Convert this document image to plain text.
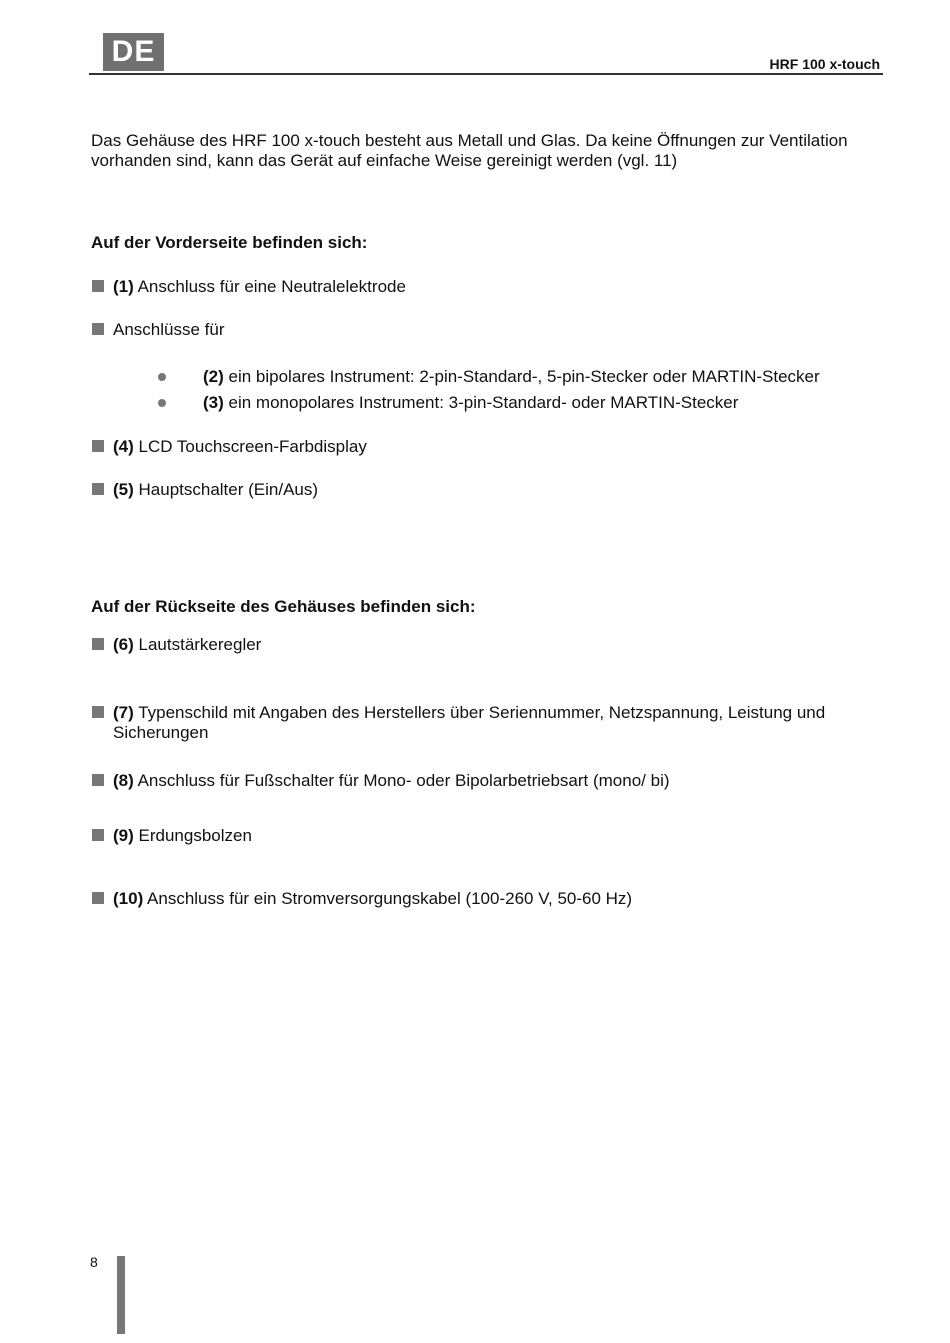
DE	HRF 100 x-touch
Das Gehäuse des HRF 100 x-touch besteht aus Metall und Glas. Da keine Öffnungen zur Ventilation vorhanden sind, kann das Gerät auf einfache Weise gereinigt werden (vgl. 11)
Auf der Vorderseite befinden sich:
(1) Anschluss für eine Neutralelektrode
Anschlüsse für
(2) ein bipolares Instrument: 2-pin-Standard-, 5-pin-Stecker oder MARTIN-Stecker
(3) ein monopolares Instrument: 3-pin-Standard- oder MARTIN-Stecker
(4) LCD Touchscreen-Farbdisplay
(5) Hauptschalter (Ein/Aus)
Auf der Rückseite des Gehäuses befinden sich:
(6) Lautstärkeregler
(7) Typenschild mit Angaben des Herstellers über Seriennummer, Netzspannung, Leistung und Sicherungen
(8) Anschluss für Fußschalter für Mono- oder Bipolarbetriebsart (mono/ bi)
(9) Erdungsbolzen
(10) Anschluss für ein Stromversorgungskabel (100-260 V, 50-60 Hz)
8
